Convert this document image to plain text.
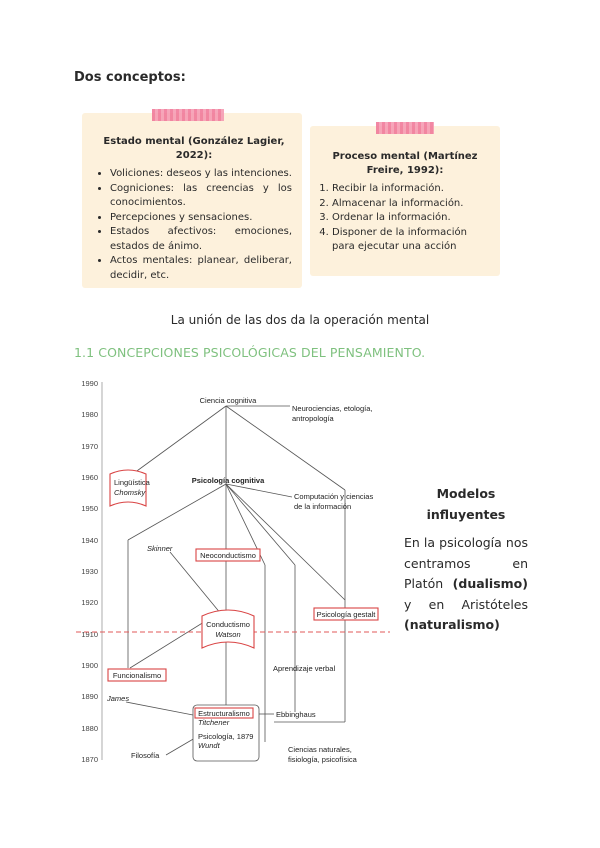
Dos conceptos:
Estado mental (González Lagier, 2022):
• Voliciones: deseos y las intenciones.
• Cogniciones: las creencias y los conocimientos.
• Percepciones y sensaciones.
• Estados afectivos: emociones, estados de ánimo.
• Actos mentales: planear, deliberar, decidir, etc.
Proceso mental (Martínez Freire, 1992):
1. Recibir la información.
2. Almacenar la información.
3. Ordenar la información.
4. Disponer de la información para ejecutar una acción
La unión de las dos da la operación mental
1.1 CONCEPCIONES PSICOLÓGICAS DEL PENSAMIENTO.
Modelos influyentes
En la psicología nos centramos en Platón (dualismo) y en Aristóteles (naturalismo)
1990
1980
1970
1960
1950
1940
1930
1920
1910
1900
1890
1880
1870
Ciencia cognitiva
Neurociencias, etología,
antropología
Psicología cognitiva
Computación y ciencias
de la información
Lingüística
Chomsky
Skinner
Neoconductismo
Conductismo
Watson
Psicología gestalt
Aprendizaje verbal
Funcionalismo
James
Estructuralismo
Titchener
Ebbinghaus
Psicología, 1879
Wundt
Filosofía
Ciencias naturales,
fisiología, psicofísica
